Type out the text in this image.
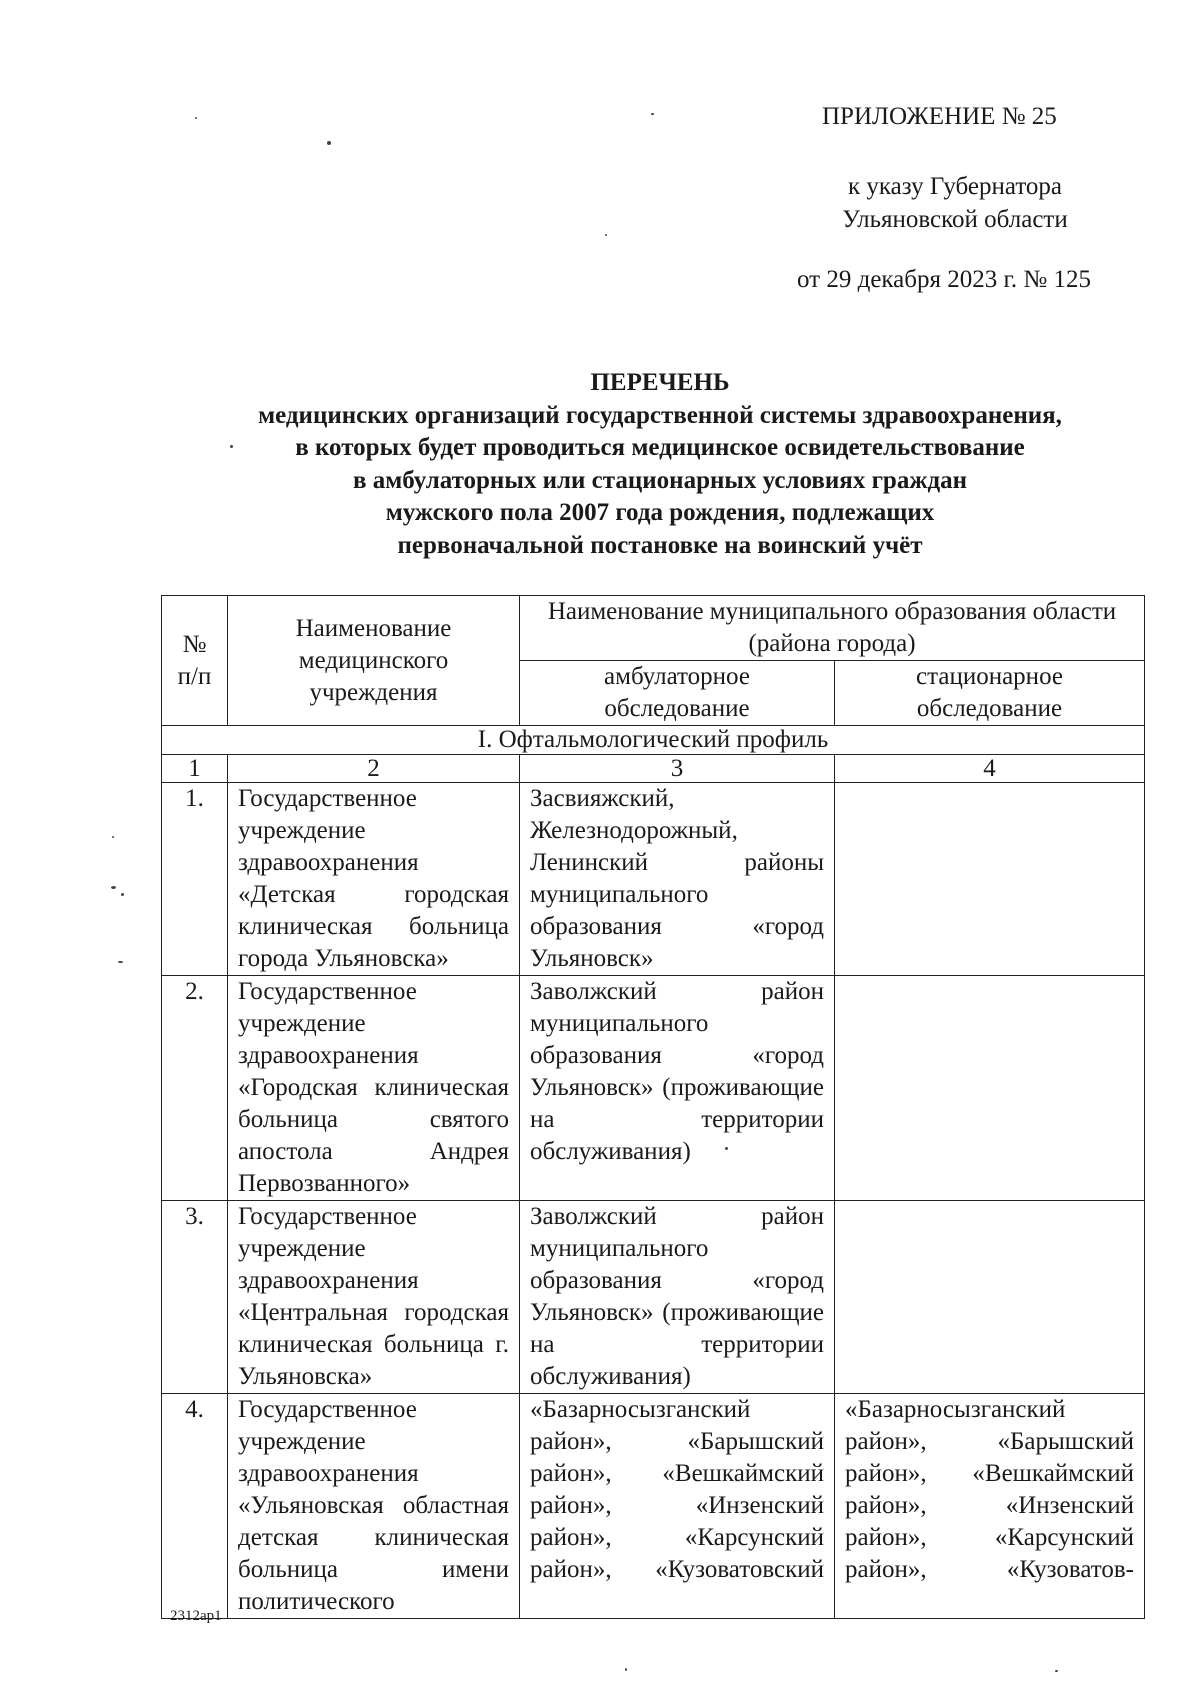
ПРИЛОЖЕНИЕ № 25
к указу Губернатора
Ульяновской области
от 29 декабря 2023 г. № 125
ПЕРЕЧЕНЬ
медицинских организаций государственной системы здравоохранения,
в которых будет проводиться медицинское освидетельствование
в амбулаторных или стационарных условиях граждан
мужского пола 2007 года рождения, подлежащих
первоначальной постановке на воинский учёт
№ п/п	Наименование медицинского учреждения	Наименование муниципального образования области (района города)	
		амбулаторное обследование	стационарное обследование
I. Офтальмологический профиль			
1	2	3	4
1.	Государственное учреждение здравоохранения «Детская городская клиническая больница города Ульяновска»	Засвияжский, Железнодорожный, Ленинский районы муниципального образования «город Ульяновск»	
2.	Государственное учреждение здравоохранения «Городская клиническая больница святого апостола Андрея Первозванного»	Заволжский район муниципального образования «город Ульяновск» (проживающие на территории обслуживания)	
3.	Государственное учреждение здравоохранения «Центральная городская клиническая больница г. Ульяновска»	Заволжский район муниципального образования «город Ульяновск» (проживающие на территории обслуживания)	
4.	Государственное учреждение здравоохранения «Ульяновская областная детская клиническая больница имени политического	«Базарносызганский район», «Барышский район», «Вешкаймский район», «Инзенский район», «Карсунский район», «Кузоватовский	«Базарносызганский район», «Барышский район», «Вешкаймский район», «Инзенский район», «Карсунский район», «Кузоватов-
2312ap1
